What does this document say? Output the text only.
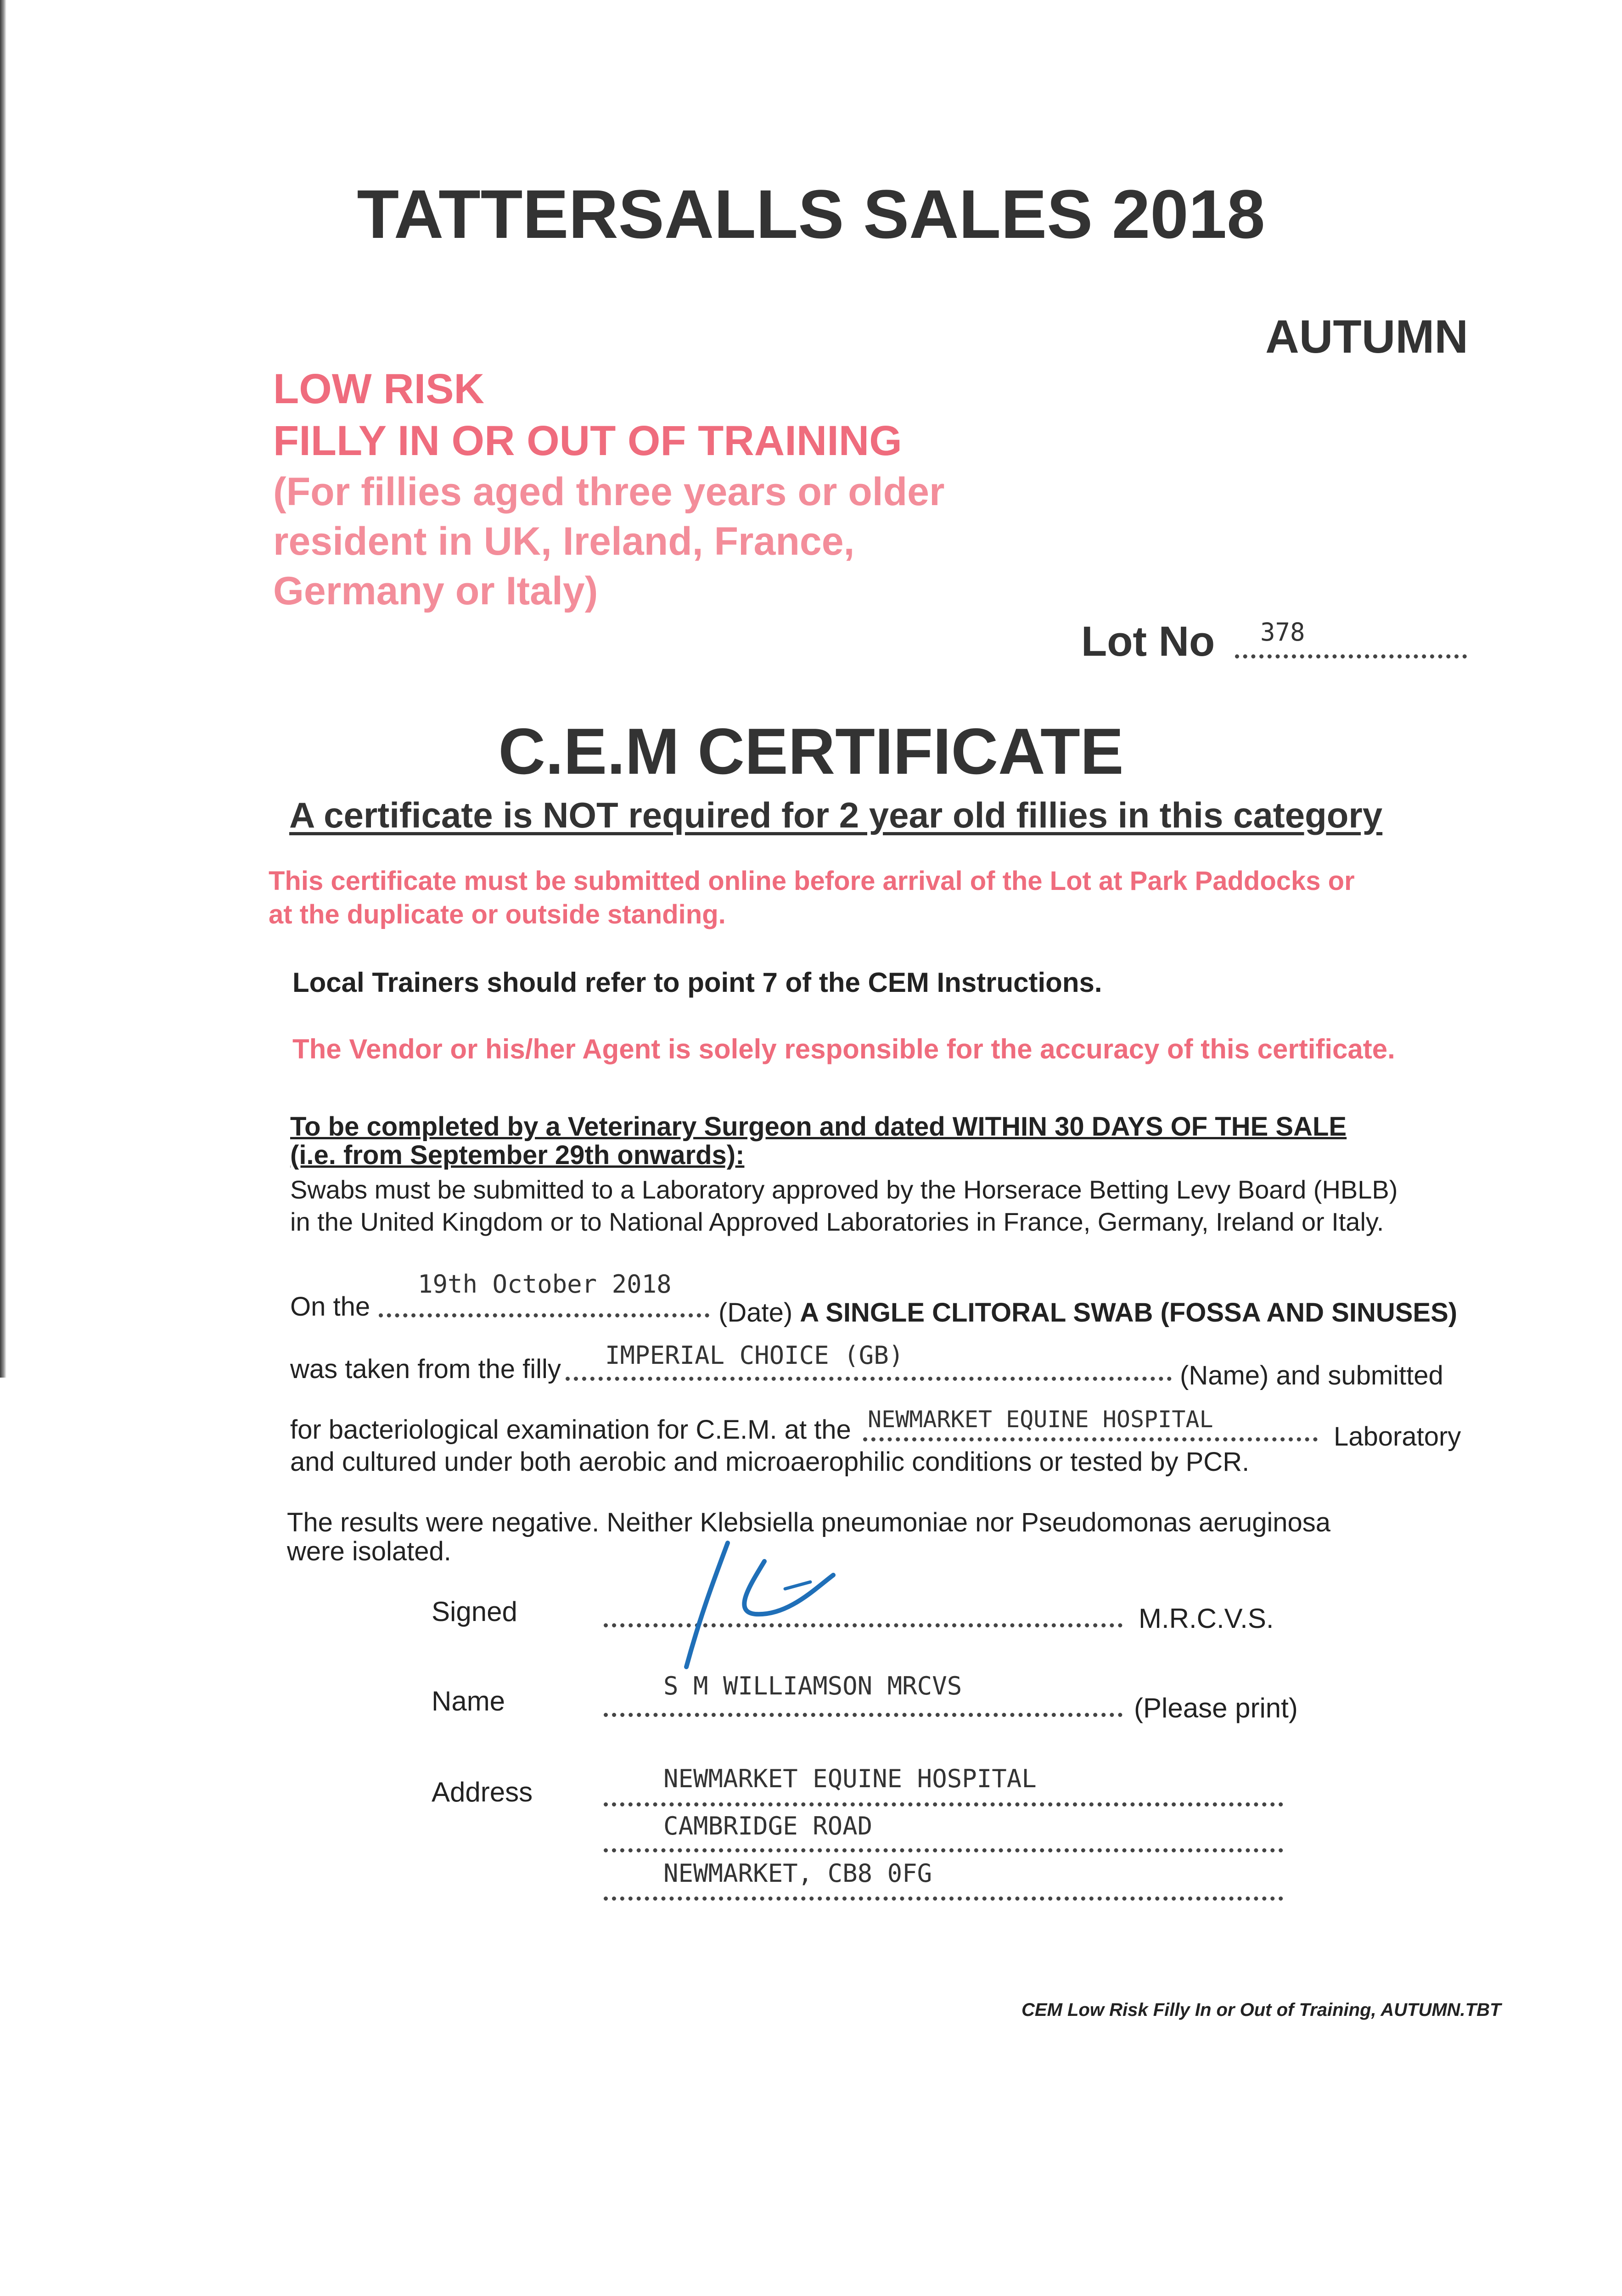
TATTERSALLS SALES 2018
AUTUMN
LOW RISK
FILLY IN OR OUT OF TRAINING
(For fillies aged three years or older
resident in UK, Ireland, France,
Germany or Italy)
Lot No 378
C.E.M CERTIFICATE
A certificate is NOT required for 2 year old fillies in this category
This certificate must be submitted online before arrival of the Lot at Park Paddocks or
at the duplicate or outside standing.
Local Trainers should refer to point 7 of the CEM Instructions.
The Vendor or his/her Agent is solely responsible for the accuracy of this certificate.
To be completed by a Veterinary Surgeon and dated WITHIN 30 DAYS OF THE SALE
(i.e. from September 29th onwards):
Swabs must be submitted to a Laboratory approved by the Horserace Betting Levy Board (HBLB)
in the United Kingdom or to National Approved Laboratories in France, Germany, Ireland or Italy.
On the
19th October 2018
(Date) A SINGLE CLITORAL SWAB (FOSSA AND SINUSES)
was taken from the filly IMPERIAL CHOICE (GB)
(Name) and submitted
for bacteriological examination for C.E.M. at the NEWMARKET EQUINE HOSPITAL
Laboratory
and cultured under both aerobic and microaerophilic conditions or tested by PCR.
The results were negative. Neither Klebsiella pneumoniae nor Pseudomonas aeruginosa
were isolated.
Signed	M.R.C.V.S.
Name	S M WILLIAMSON MRCVS
(Please print)
Address	NEWMARKET EQUINE HOSPITAL
CAMBRIDGE ROAD
NEWMARKET, CB8 0FG
CEM Low Risk Filly In or Out of Training, AUTUMN.TBT
